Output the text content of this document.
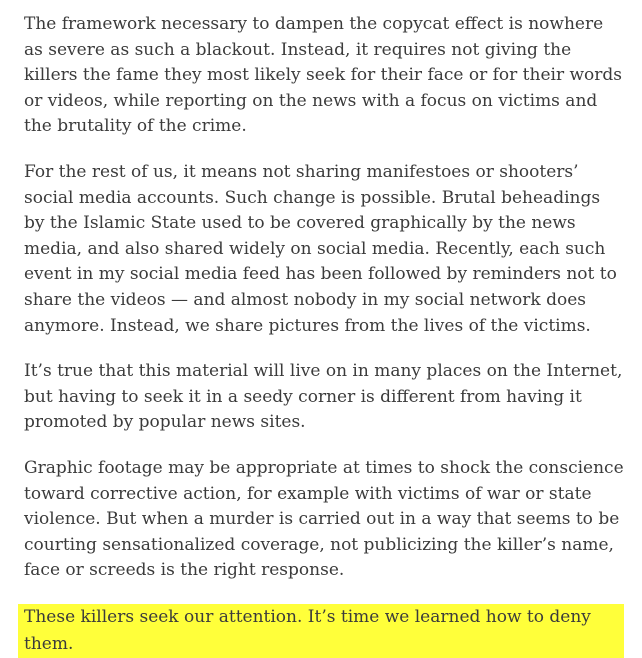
The framework necessary to dampen the copycat effect is nowhere as severe as such a blackout. Instead, it requires not giving the killers the fame they most likely seek for their face or for their words or videos, while reporting on the news with a focus on victims and the brutality of the crime.

For the rest of us, it means not sharing manifestoes or shooters’ social media accounts. Such change is possible. Brutal beheadings by the Islamic State used to be covered graphically by the news media, and also shared widely on social media. Recently, each such event in my social media feed has been followed by reminders not to share the videos — and almost nobody in my social network does anymore. Instead, we share pictures from the lives of the victims.

It’s true that this material will live on in many places on the Internet, but having to seek it in a seedy corner is different from having it promoted by popular news sites.

Graphic footage may be appropriate at times to shock the conscience toward corrective action, for example with victims of war or state violence. But when a murder is carried out in a way that seems to be courting sensationalized coverage, not publicizing the killer’s name, face or screeds is the right response.

These killers seek our attention. It’s time we learned how to deny them.
